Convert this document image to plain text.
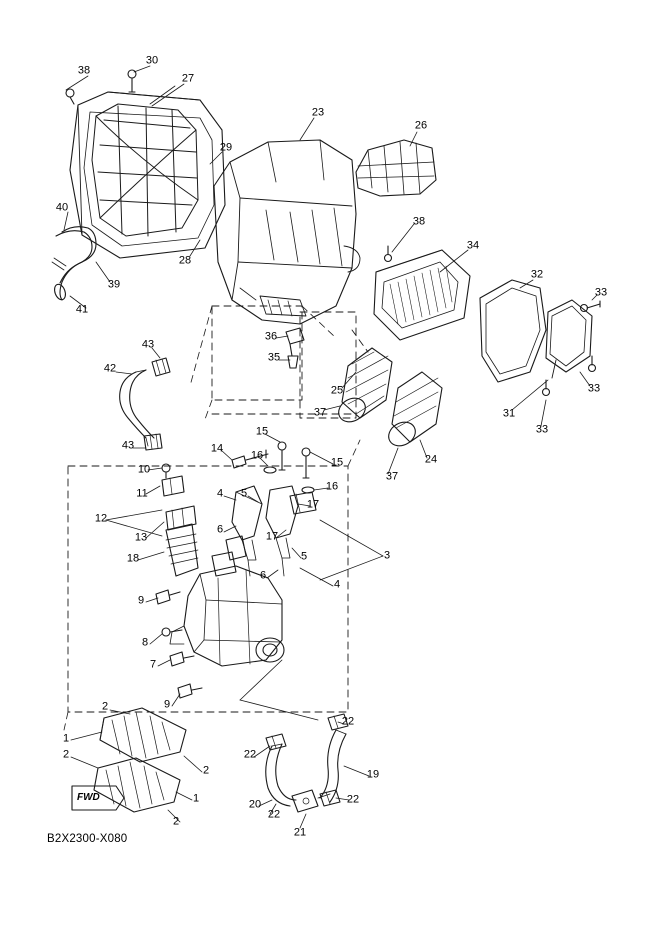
FWD
B2X2300-X080
38
30
27
23
26
29
40
38
34
28
32
39
33
41
36
35
43
42
33
25
31
33
37
43
24
37
15
14
16
15
10
16
11	4 5
17
12
6
13	17
5	3
18
6
4
9
8
7
9
2
22
1
2	22
19
2
1
22
20	22
2
21
